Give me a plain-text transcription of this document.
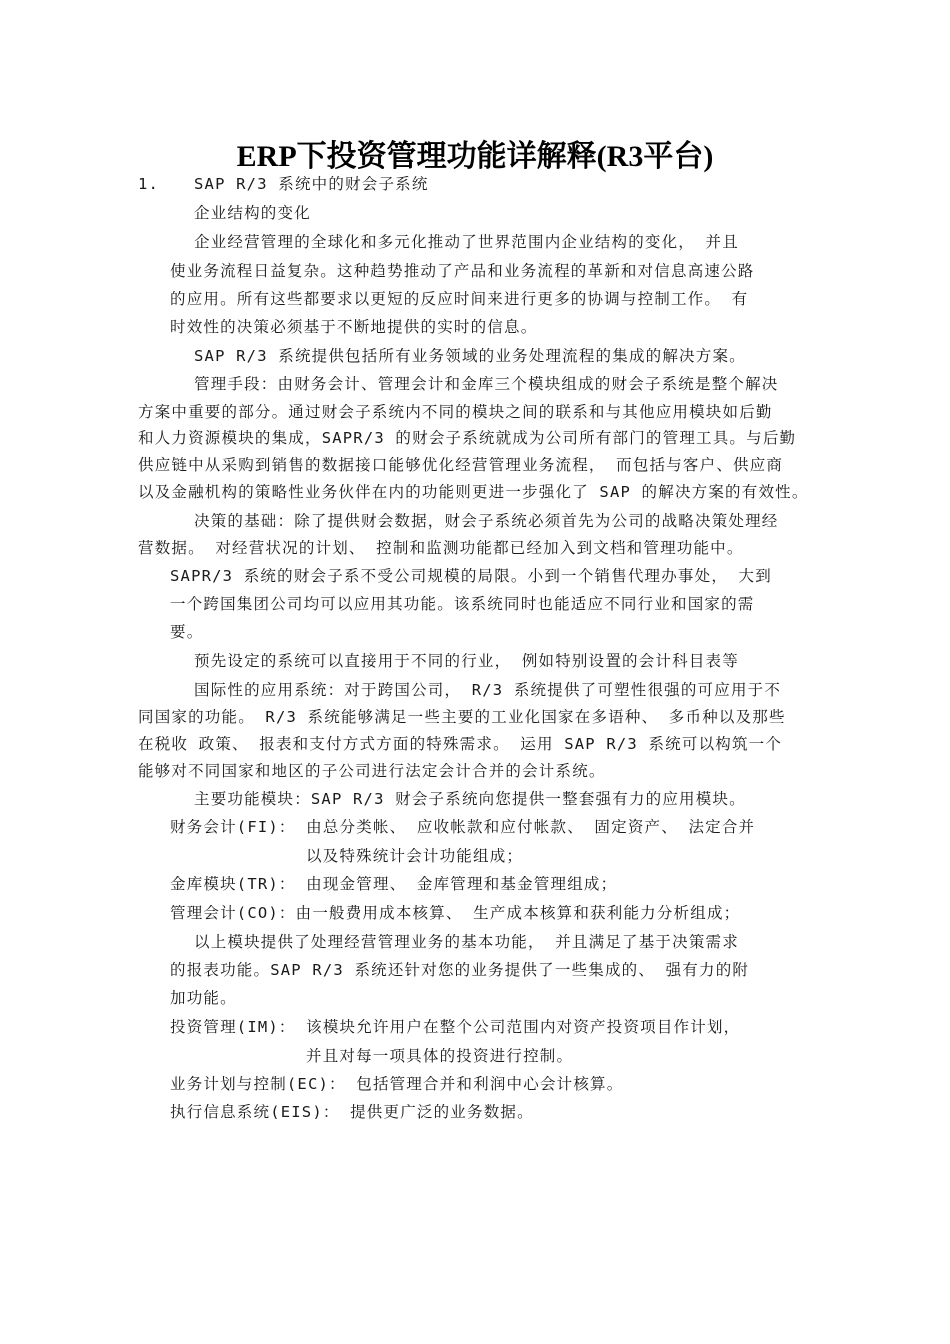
ERP下投资管理功能详解释(R3平台)
1. SAP R/3 系统中的财会子系统
企业结构的变化
企业经营管理的全球化和多元化推动了世界范围内企业结构的变化， 并且
使业务流程日益复杂。这种趋势推动了产品和业务流程的革新和对信息高速公路
的应用。所有这些都要求以更短的反应时间来进行更多的协调与控制工作。 有
时效性的决策必须基于不断地提供的实时的信息。
SAP R/3 系统提供包括所有业务领域的业务处理流程的集成的解决方案。
管理手段：由财务会计、管理会计和金库三个模块组成的财会子系统是整个解决
方案中重要的部分。通过财会子系统内不同的模块之间的联系和与其他应用模块如后勤
和人力资源模块的集成，SAPR/3 的财会子系统就成为公司所有部门的管理工具。与后勤
供应链中从采购到销售的数据接口能够优化经营管理业务流程， 而包括与客户、供应商
以及金融机构的策略性业务伙伴在内的功能则更进一步强化了 SAP 的解决方案的有效性。
决策的基础：除了提供财会数据，财会子系统必须首先为公司的战略决策处理经
营数据。 对经营状况的计划、 控制和监测功能都已经加入到文档和管理功能中。
SAPR/3 系统的财会子系不受公司规模的局限。小到一个销售代理办事处， 大到
一个跨国集团公司均可以应用其功能。该系统同时也能适应不同行业和国家的需
要。
预先设定的系统可以直接用于不同的行业， 例如特别设置的会计科目表等
国际性的应用系统：对于跨国公司， R/3 系统提供了可塑性很强的可应用于不
同国家的功能。 R/3 系统能够满足一些主要的工业化国家在多语种、 多币种以及那些
在税收 政策、 报表和支付方式方面的特殊需求。 运用 SAP R/3 系统可以构筑一个
能够对不同国家和地区的子公司进行法定会计合并的会计系统。
主要功能模块：SAP R/3 财会子系统向您提供一整套强有力的应用模块。
财务会计(FI)： 由总分类帐、 应收帐款和应付帐款、 固定资产、 法定合并
以及特殊统计会计功能组成；
金库模块(TR)： 由现金管理、 金库管理和基金管理组成；
管理会计(CO)：由一般费用成本核算、 生产成本核算和获利能力分析组成；
以上模块提供了处理经营管理业务的基本功能， 并且满足了基于决策需求
的报表功能。SAP R/3 系统还针对您的业务提供了一些集成的、 强有力的附
加功能。
投资管理(IM)： 该模块允许用户在整个公司范围内对资产投资项目作计划，
并且对每一项具体的投资进行控制。
业务计划与控制(EC)： 包括管理合并和利润中心会计核算。
执行信息系统(EIS)： 提供更广泛的业务数据。
